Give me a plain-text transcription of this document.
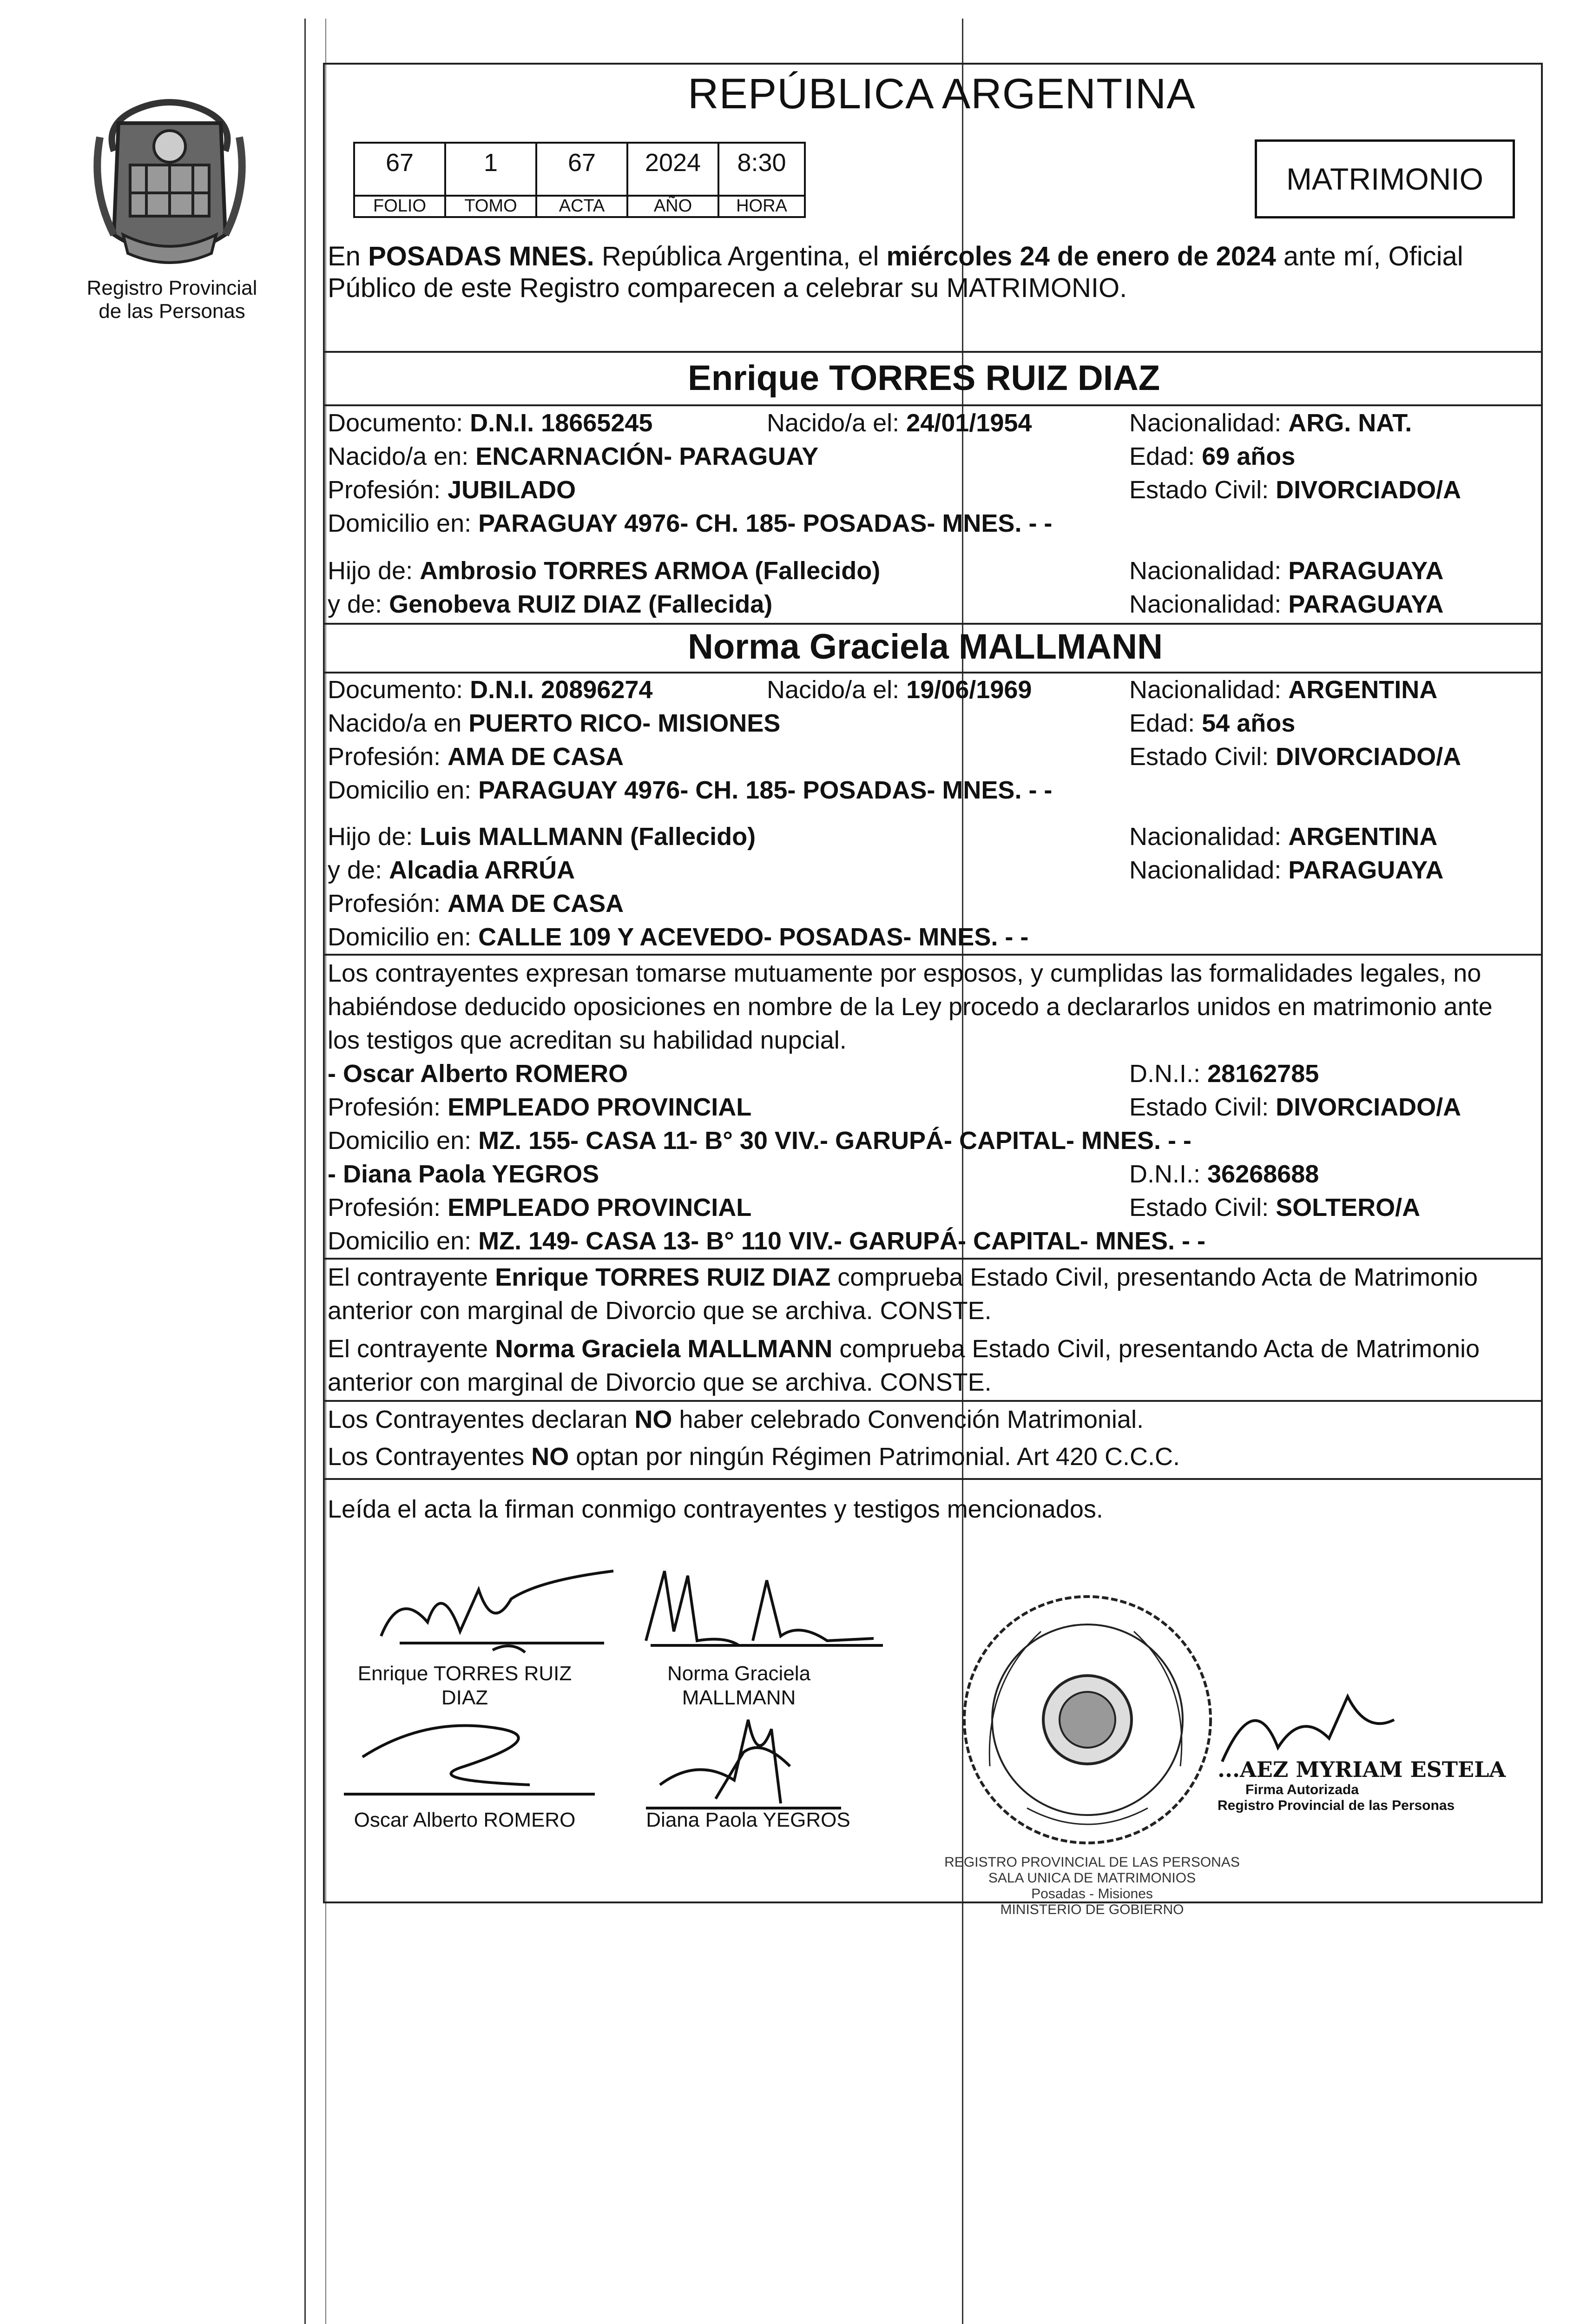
Registro Provincial
de las Personas
REPÚBLICA ARGENTINA
67	1	67	2024	8:30
FOLIO	TOMO	ACTA	AÑO	HORA
MATRIMONIO
En POSADAS MNES. República Argentina, el miércoles 24 de enero de 2024 ante mí, Oficial
Público de este Registro comparecen a celebrar su MATRIMONIO.
Enrique TORRES RUIZ DIAZ
Documento: D.N.I. 18665245	Nacido/a el: 24/01/1954	Nacionalidad: ARG. NAT.
Nacido/a en: ENCARNACIÓN- PARAGUAY	Edad: 69 años
Profesión: JUBILADO	Estado Civil: DIVORCIADO/A
Domicilio en: PARAGUAY 4976- CH. 185- POSADAS- MNES. - -
Hijo de: Ambrosio TORRES ARMOA (Fallecido)	Nacionalidad: PARAGUAYA
y de: Genobeva RUIZ DIAZ (Fallecida)	Nacionalidad: PARAGUAYA
Norma Graciela MALLMANN
Documento: D.N.I. 20896274	Nacido/a el: 19/06/1969	Nacionalidad: ARGENTINA
Nacido/a en PUERTO RICO- MISIONES	Edad: 54 años
Profesión: AMA DE CASA	Estado Civil: DIVORCIADO/A
Domicilio en: PARAGUAY 4976- CH. 185- POSADAS- MNES. - -
Hijo de: Luis MALLMANN (Fallecido)	Nacionalidad: ARGENTINA
y de: Alcadia ARRÚA	Nacionalidad: PARAGUAYA
Profesión: AMA DE CASA
Domicilio en: CALLE 109 Y ACEVEDO- POSADAS- MNES. - -
Los contrayentes expresan tomarse mutuamente por esposos, y cumplidas las formalidades legales, no
habiéndose deducido oposiciones en nombre de la Ley procedo a declararlos unidos en matrimonio ante
los testigos que acreditan su habilidad nupcial.
- Oscar Alberto ROMERO	D.N.I.: 28162785
Profesión: EMPLEADO PROVINCIAL	Estado Civil: DIVORCIADO/A
Domicilio en: MZ. 155- CASA 11- B° 30 VIV.- GARUPÁ- CAPITAL- MNES. - -
- Diana Paola YEGROS	D.N.I.: 36268688
Profesión: EMPLEADO PROVINCIAL	Estado Civil: SOLTERO/A
Domicilio en: MZ. 149- CASA 13- B° 110 VIV.- GARUPÁ- CAPITAL- MNES. - -
El contrayente Enrique TORRES RUIZ DIAZ comprueba Estado Civil, presentando Acta de Matrimonio
anterior con marginal de Divorcio que se archiva. CONSTE.
El contrayente Norma Graciela MALLMANN comprueba Estado Civil, presentando Acta de Matrimonio
anterior con marginal de Divorcio que se archiva. CONSTE.
Los Contrayentes declaran NO haber celebrado Convención Matrimonial.
Los Contrayentes NO optan por ningún Régimen Patrimonial. Art 420 C.C.C.
Leída el acta la firman conmigo contrayentes y testigos mencionados.
Enrique TORRES RUIZ
DIAZ
Norma Graciela
MALLMANN
Oscar Alberto ROMERO	Diana Paola YEGROS
REGISTRO PROVINCIAL DE LAS PERSONAS
SALA UNICA DE MATRIMONIOS
Posadas - Misiones
MINISTERIO DE GOBIERNO
...AEZ MYRIAM ESTELA
Firma Autorizada
Registro Provincial de las Personas
